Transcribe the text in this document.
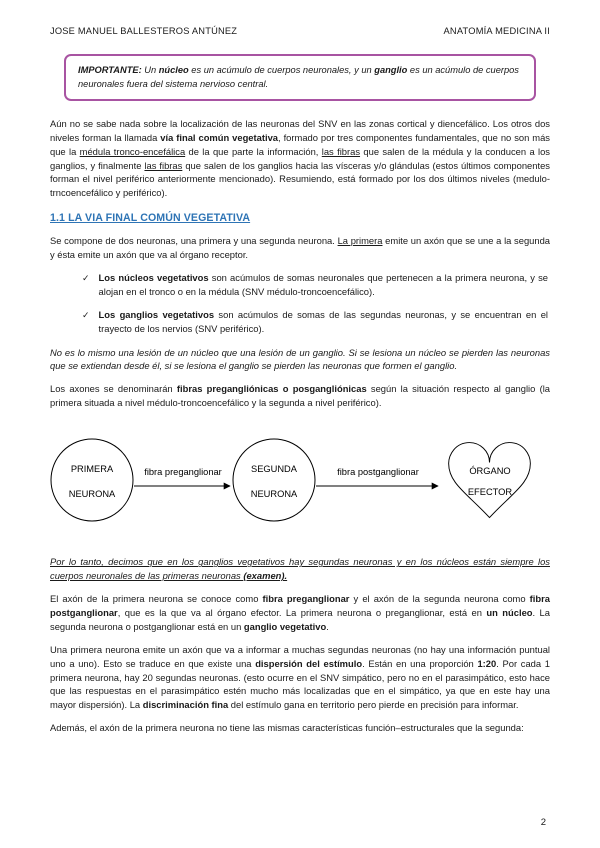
JOSE MANUEL BALLESTEROS ANTÚNEZ	ANATOMÍA MEDICINA II
IMPORTANTE: Un núcleo es un acúmulo de cuerpos neuronales, y un ganglio es un acúmulo de cuerpos neuronales fuera del sistema nervioso central.

Aún no se sabe nada sobre la localización de las neuronas del SNV en las zonas cortical y diencefálico. Los otros dos niveles forman la llamada vía final común vegetativa, formado por tres componentes fundamentales, que no son más que la médula tronco-encefálica de la que parte la información, las fibras que salen de la médula y la conducen a los ganglios, y finalmente las fibras que salen de los ganglios hacia las vísceras y/o glándulas (estos últimos componentes forman el nivel periférico anteriormente mencionado). Resumiendo, está formado por los dos últimos niveles (medulo-trncoencefálico y periférico).

1.1 LA VIA FINAL COMÚN VEGETATIVA

Se compone de dos neuronas, una primera y una segunda neurona. La primera emite un axón que se une a la segunda y ésta emite un axón que va al órgano receptor.

✓ Los núcleos vegetativos son acúmulos de somas neuronales que pertenecen a la primera neurona, y se alojan en el tronco o en la médula (SNV médulo-troncoencefálico).
✓ Los ganglios vegetativos son acúmulos de somas de las segundas neuronas, y se encuentran en el trayecto de los nervios (SNV periférico).

No es lo mismo una lesión de un núcleo que una lesión de un ganglio. Si se lesiona un núcleo se pierden las neuronas que se extiendan desde él, si se lesiona el ganglio se pierden las neuronas que formen el ganglio.

Los axones se denominarán fibras pregangliónicas o posgangliónicas según la situación respecto al ganglio (la primera situada a nivel médulo-troncoencefálico y la segunda a nivel periférico).

PRIMERA
NEURONA
fibra preganglionar	SEGUNDA
NEURONA
fibra postganglionar	ÓRGANO
EFECTOR

Por lo tanto, decimos que en los ganglios vegetativos hay segundas neuronas y en los núcleos están siempre los cuerpos neuronales de las primeras neuronas (examen).

El axón de la primera neurona se conoce como fibra preganglionar y el axón de la segunda neurona como fibra postganglionar, que es la que va al órgano efector. La primera neurona o preganglionar, está en un núcleo. La segunda neurona o postganglionar está en un ganglio vegetativo.

Una primera neurona emite un axón que va a informar a muchas segundas neuronas (no hay una información puntual uno a uno). Esto se traduce en que existe una dispersión del estímulo. Están en una proporción 1:20. Por cada 1 primera neurona, hay 20 segundas neuronas. (esto ocurre en el SNV simpático, pero no en el parasimpático, esto hace que las respuestas en el parasimpático estén mucho más localizadas que en el simpático, ya que en este hay una mayor dispersión). La discriminación fina del estímulo gana en territorio pero pierde en precisión para informar.

Además, el axón de la primera neurona no tiene las mismas características función–estructurales que la segunda:

2
